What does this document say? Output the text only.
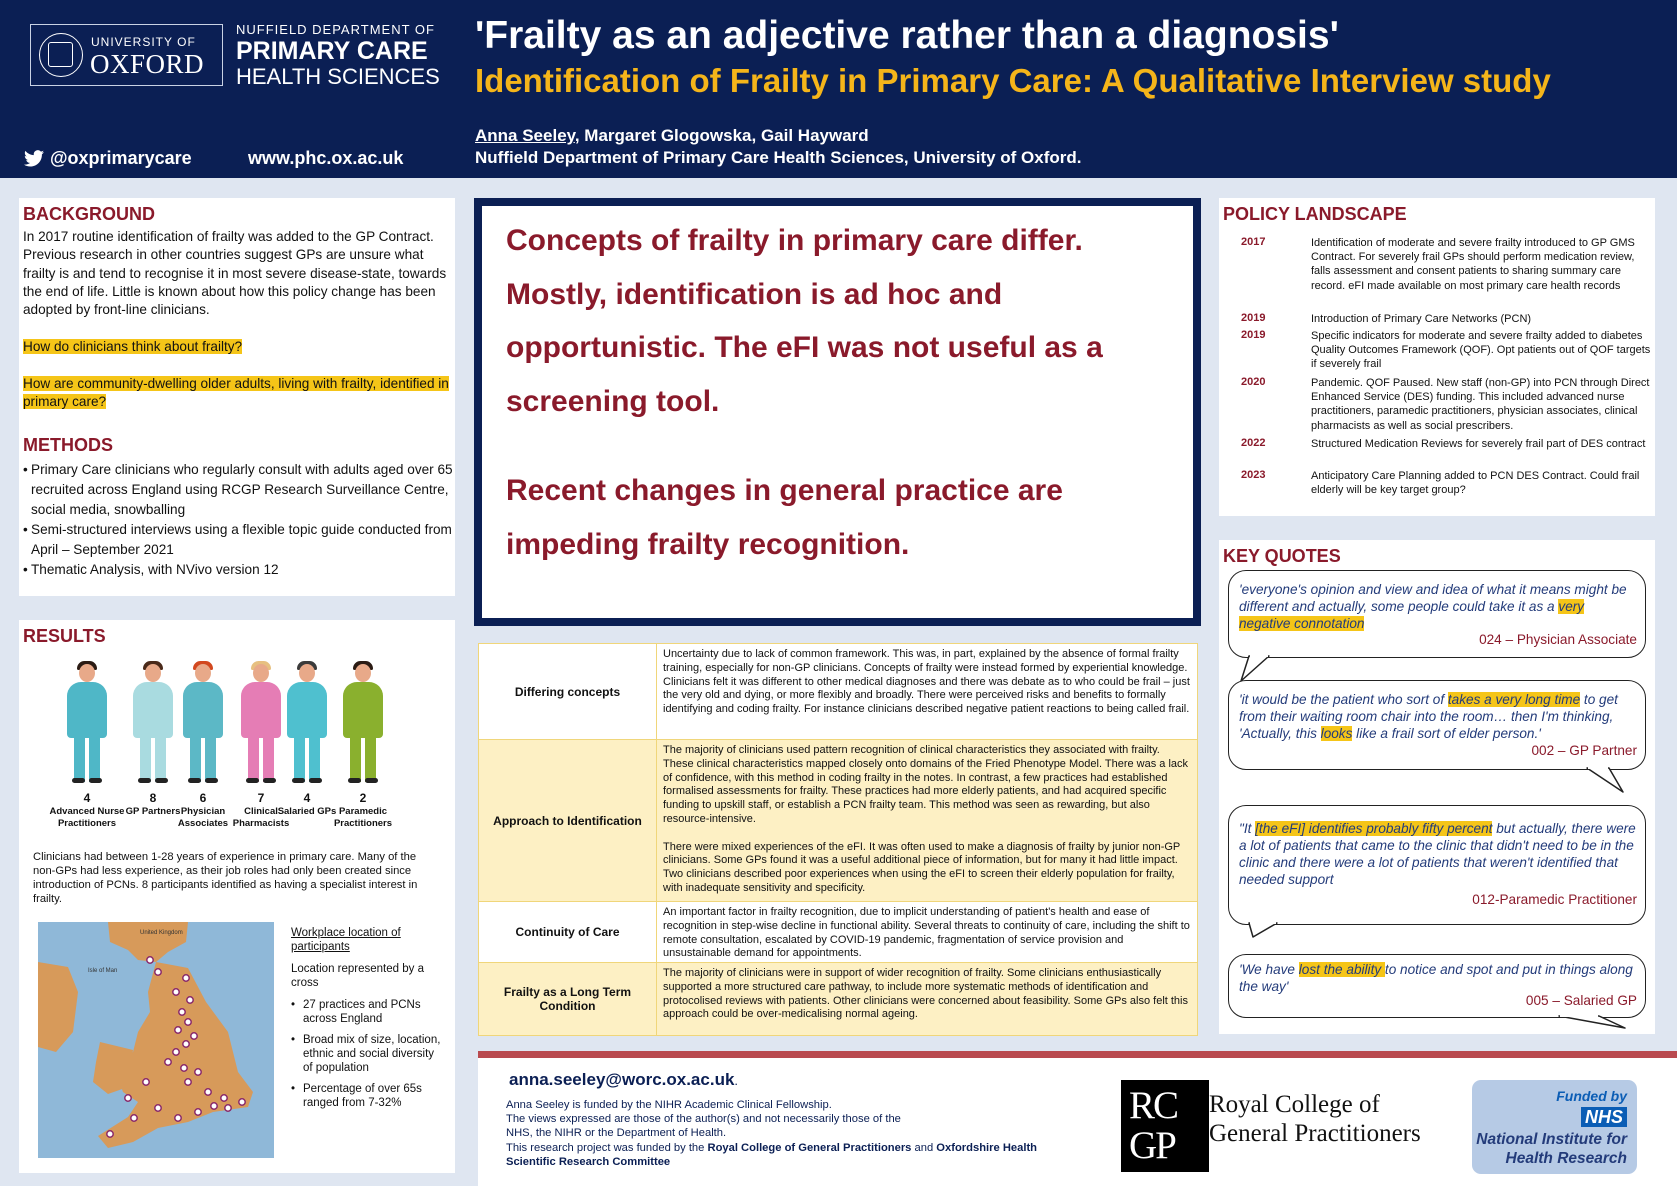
UNIVERSITY OF
OXFORD
NUFFIELD DEPARTMENT OF
PRIMARY CARE
HEALTH SCIENCES
@oxprimarycare	www.phc.ox.ac.uk
'Frailty as an adjective rather than a diagnosis'
Identification of Frailty in Primary Care: A Qualitative Interview study
Anna Seeley, Margaret Glogowska, Gail Hayward
Nuffield Department of Primary Care Health Sciences, University of Oxford.
BACKGROUND
In 2017 routine identification of frailty was added to the GP Contract. Previous research in other countries suggest GPs are unsure what frailty is and tend to recognise it in most severe disease-state, towards the end of life. Little is known about how this policy change has been adopted by front-line clinicians.
How do clinicians think about frailty?
How are community-dwelling older adults, living with frailty, identified in primary care?
METHODS
• Primary Care clinicians who regularly consult with adults aged over 65 recruited across England using RCGP Research Surveillance Centre, social media, snowballing
• Semi-structured interviews using a flexible topic guide conducted from April – September 2021
• Thematic Analysis, with NVivo version 12
RESULTS
Clinicians had between 1-28 years of experience in primary care. Many of the non-GPs had less experience, as their job roles had only been created since introduction of PCNs. 8 participants identified as having a specialist interest in frailty.
United Kingdom
Isle of Man
Workplace location of participants
Location represented by a cross
• 27 practices and PCNs across England
• Broad mix of size, location, ethnic and social diversity of population
• Percentage of over 65s ranged from 7-32%
4
Advanced Nurse Practitioners
8
GP Partners
6
Physician Associates
7
Clinical Pharmacists
4
Salaried GPs
2
Paramedic Practitioners
Concepts of frailty in primary care differ. Mostly, identification is ad hoc and opportunistic. The eFI was not useful as a screening tool.
Recent changes in general practice are impeding frailty recognition.
Differing concepts
Uncertainty due to lack of common framework. This was, in part, explained by the absence of formal frailty training, especially for non-GP clinicians. Concepts of frailty were instead formed by experiential knowledge. Clinicians felt it was different to other medical diagnoses and there was debate as to who could be frail – just the very old and dying, or more flexibly and broadly. There were perceived risks and benefits to formally identifying and coding frailty. For instance clinicians described negative patient reactions to being called frail.
Approach to Identification
The majority of clinicians used pattern recognition of clinical characteristics they associated with frailty. These clinical characteristics mapped closely onto domains of the Fried Phenotype Model. There was a lack of confidence, with this method in coding frailty in the notes. In contrast, a few practices had established formalised assessments for frailty. These practices had more elderly patients, and had acquired specific funding to upskill staff, or establish a PCN frailty team. This method was seen as rewarding, but also resource-intensive.

There were mixed experiences of the eFI. It was often used to make a diagnosis of frailty by junior non-GP clinicians. Some GPs found it was a useful additional piece of information, but for many it had little impact. Two clinicians described poor experiences when using the eFI to screen their elderly population for frailty, with inadequate sensitivity and specificity.
Continuity of Care
An important factor in frailty recognition, due to implicit understanding of patient's health and ease of recognition in step-wise decline in functional ability. Several threats to continuity of care, including the shift to remote consultation, escalated by COVID-19 pandemic, fragmentation of service provision and unsustainable demand for appointments.
Frailty as a Long Term Condition
The majority of clinicians were in support of wider recognition of frailty. Some clinicians enthusiastically supported a more structured care pathway, to include more systematic methods of identification and protocolised reviews with patients. Other clinicians were concerned about feasibility. Some GPs also felt this approach could be over-medicalising normal ageing.
POLICY LANDSCAPE
2017	Identification of moderate and severe frailty introduced to GP GMS Contract. For severely frail GPs should perform medication review, falls assessment and consent patients to sharing summary care record. eFI made available on most primary care health records
2019	Introduction of Primary Care Networks (PCN)
2019	Specific indicators for moderate and severe frailty added to diabetes Quality Outcomes Framework (QOF). Opt patients out of QOF targets if severely frail
2020	Pandemic. QOF Paused. New staff (non-GP) into PCN through Direct Enhanced Service (DES) funding. This included advanced nurse practitioners, paramedic practitioners, physician associates, clinical pharmacists as well as social prescribers.
2022	Structured Medication Reviews for severely frail part of DES contract
2023	Anticipatory Care Planning added to PCN DES Contract. Could frail elderly will be key target group?
KEY QUOTES
'everyone's opinion and view and idea of what it means might be different and actually, some people could take it as a very negative connotation
024 – Physician Associate
'it would be the patient who sort of takes a very long time to get from their waiting room chair into the room… then I'm thinking, 'Actually, this looks like a frail sort of elder person.'
002 – GP Partner
"It [the eFI] identifies probably fifty percent but actually, there were a lot of patients that came to the clinic that didn't need to be in the clinic and there were a lot of patients that weren't identified that needed support
012-Paramedic Practitioner
'We have lost the ability to notice and spot and put in things along the way'
005 – Salaried GP
anna.seeley@worc.ox.ac.uk.
Anna Seeley is funded by the NIHR Academic Clinical Fellowship.
The views expressed are those of the author(s) and not necessarily those of the NHS, the NIHR or the Department of Health.
This research project was funded by the Royal College of General Practitioners and Oxfordshire Health Scientific Research Committee
RC
GP
Royal College of
General Practitioners
Funded by
NHS
National Institute for
Health Research
